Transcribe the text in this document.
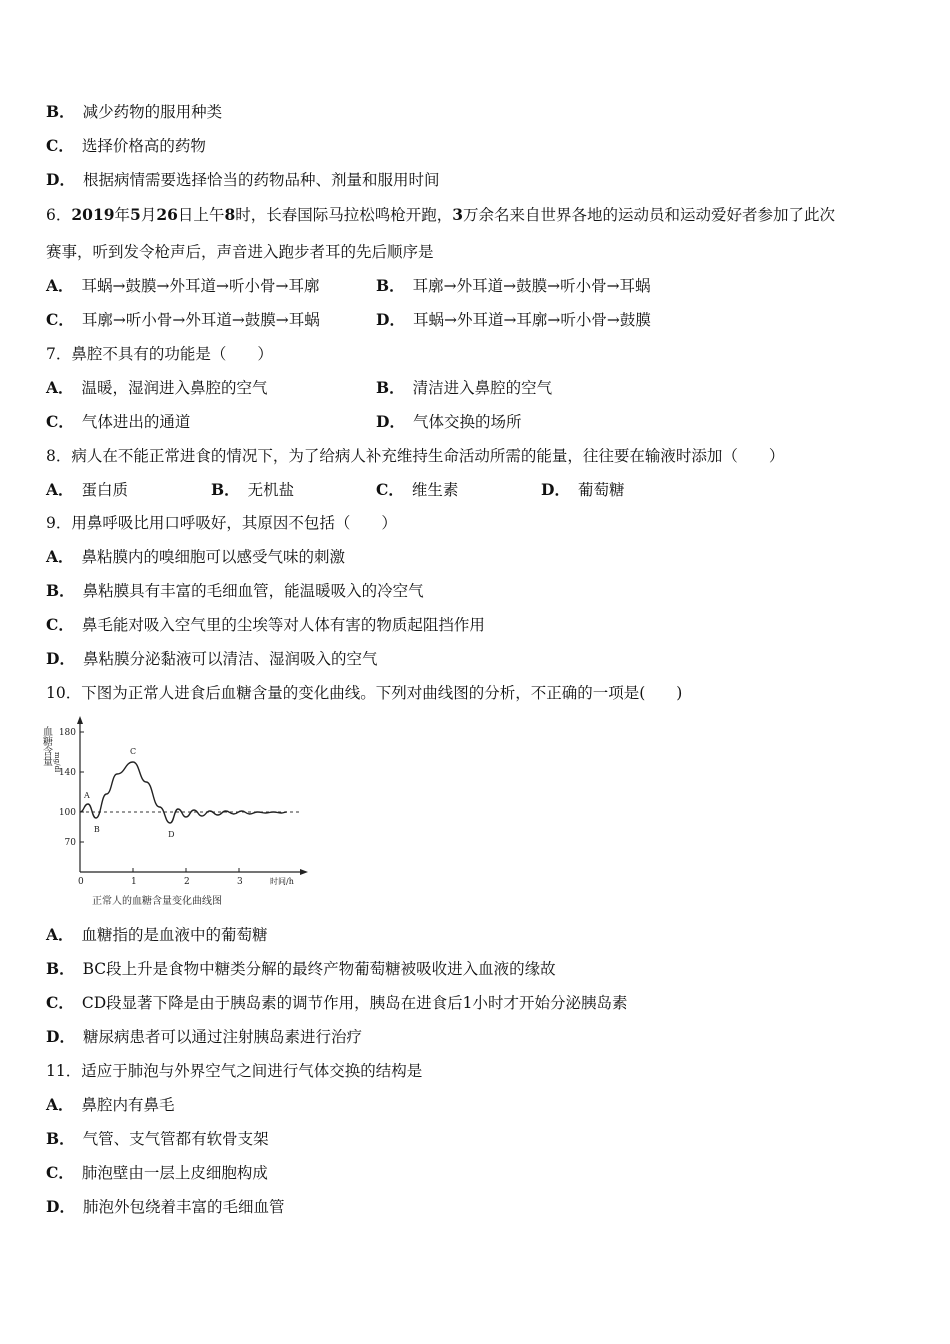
B． 减少药物的服用种类
C． 选择价格高的药物
D． 根据病情需要选择恰当的药物品种、剂量和服用时间
6．2019年5月26日上午8时，长春国际马拉松鸣枪开跑，3万余名来自世界各地的运动员和运动爱好者参加了此次
赛事，听到发令枪声后，声音进入跑步者耳的先后顺序是
A． 耳蜗→鼓膜→外耳道→听小骨→耳廓	B． 耳廓→外耳道→鼓膜→听小骨→耳蜗
C． 耳廓→听小骨→外耳道→鼓膜→耳蜗	D． 耳蜗→外耳道→耳廓→听小骨→鼓膜
7．鼻腔不具有的功能是（　　）
A． 温暖，湿润进入鼻腔的空气	B． 清洁进入鼻腔的空气
C． 气体进出的通道	D． 气体交换的场所
8．病人在不能正常进食的情况下，为了给病人补充维持生命活动所需的能量，往往要在输液时添加（　　）
A． 蛋白质	B． 无机盐	C． 维生素	D． 葡萄糖
9．用鼻呼吸比用口呼吸好，其原因不包括（　　）
A． 鼻粘膜内的嗅细胞可以感受气味的刺激
B． 鼻粘膜具有丰富的毛细血管，能温暖吸入的冷空气
C． 鼻毛能对吸入空气里的尘埃等对人体有害的物质起阻挡作用
D． 鼻粘膜分泌黏液可以清洁、湿润吸入的空气
10．下图为正常人进食后血糖含量的变化曲线。下列对曲线图的分析，不正确的一项是(　　)
血糖含量 mg/dl
180
140
100
70
0	1	2	3
A
B
C
D
时间/h
正常人的血糖含量变化曲线图
A． 血糖指的是血液中的葡萄糖
B． BC段上升是食物中糖类分解的最终产物葡萄糖被吸收进入血液的缘故
C． CD段显著下降是由于胰岛素的调节作用，胰岛在进食后1小时才开始分泌胰岛素
D． 糖尿病患者可以通过注射胰岛素进行治疗
11．适应于肺泡与外界空气之间进行气体交换的结构是
A． 鼻腔内有鼻毛
B． 气管、支气管都有软骨支架
C． 肺泡壁由一层上皮细胞构成
D． 肺泡外包绕着丰富的毛细血管
